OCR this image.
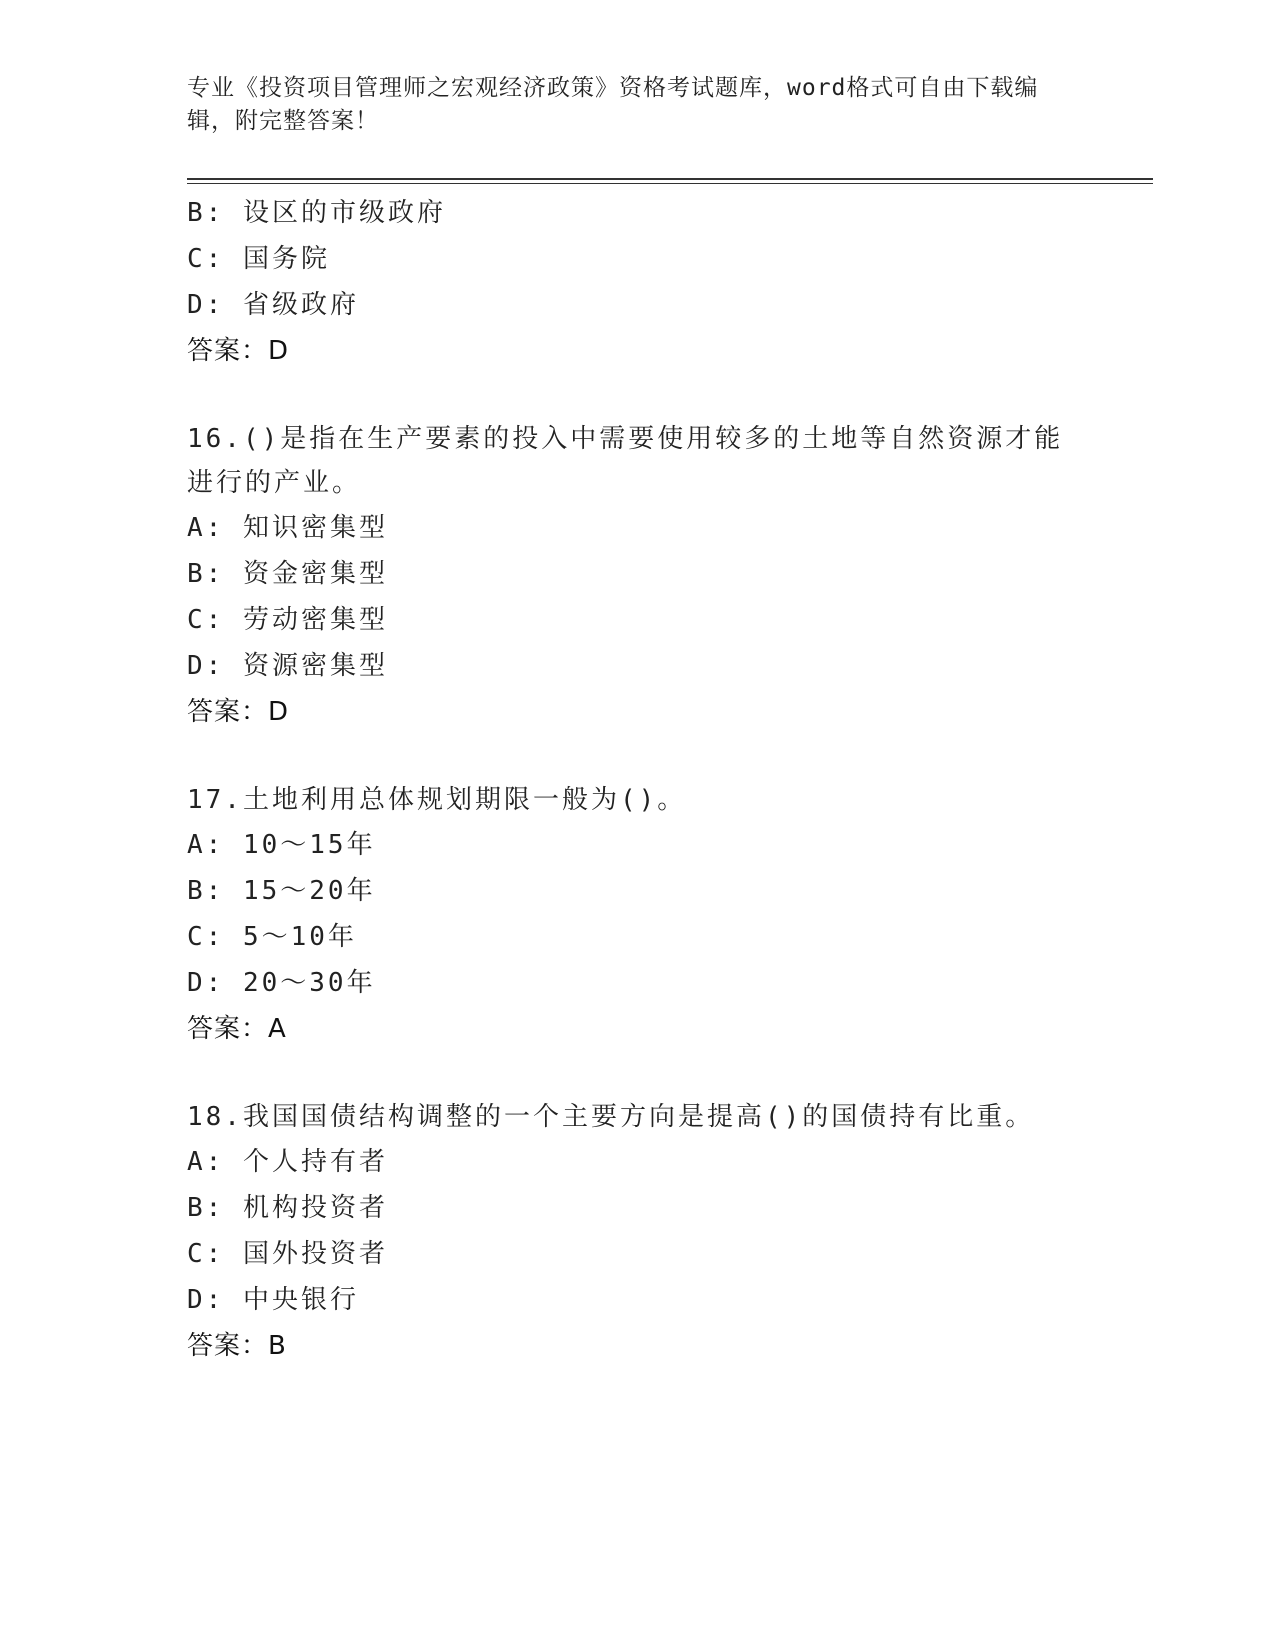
专业《投资项目管理师之宏观经济政策》资格考试题库，word格式可自由下载编辑，附完整答案！
B: 设区的市级政府
C: 国务院
D: 省级政府
答案：D
16.()是指在生产要素的投入中需要使用较多的土地等自然资源才能进行的产业。
A: 知识密集型
B: 资金密集型
C: 劳动密集型
D: 资源密集型
答案：D
17.土地利用总体规划期限一般为()。
A: 10～15年
B: 15～20年
C: 5～10年
D: 20～30年
答案：A
18.我国国债结构调整的一个主要方向是提高()的国债持有比重。
A: 个人持有者
B: 机构投资者
C: 国外投资者
D: 中央银行
答案：B
